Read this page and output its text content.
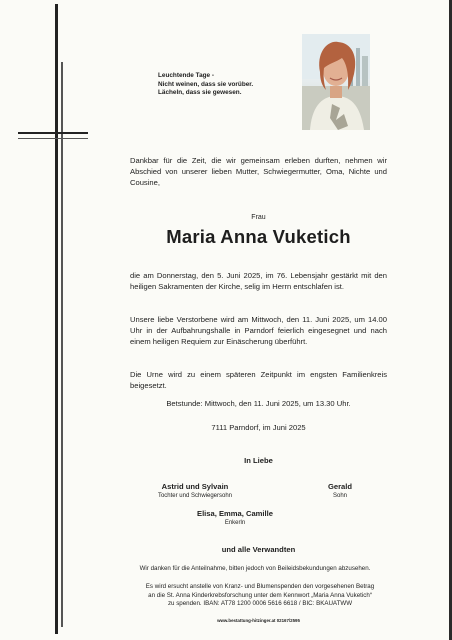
Leuchtende Tage -
Nicht weinen, dass sie vorüber.
Lächeln, dass sie gewesen.
Dankbar für die Zeit, die wir gemeinsam erleben durften, nehmen wir Abschied von unserer lieben Mutter, Schwiegermutter, Oma, Nichte und Cousine,
Frau
Maria Anna Vuketich
die am Donnerstag, den 5. Juni 2025, im 76. Lebensjahr gestärkt mit den heiligen Sakramenten der Kirche, selig im Herrn entschlafen ist.
Unsere liebe Verstorbene wird am Mittwoch, den 11. Juni 2025, um 14.00 Uhr in der Aufbahrungshalle in Parndorf feierlich eingesegnet und nach einem heiligen Requiem zur Einäscherung überführt.
Die Urne wird zu einem späteren Zeitpunkt im engsten Familienkreis beigesetzt.
Betstunde: Mittwoch, den 11. Juni 2025, um 13.30 Uhr.
7111 Parndorf, im Juni 2025
In Liebe
Astrid und Sylvain
Tochter und Schwiegersohn
Gerald
Sohn
Elisa, Emma, Camille
Enkerln
und alle Verwandten
Wir danken für die Anteilnahme, bitten jedoch von Beileidsbekundungen abzusehen.
Es wird ersucht anstelle von Kranz- und Blumenspenden den vorgesehenen Betrag
an die St. Anna Kinderkrebsforschung unter dem Kennwort „Maria Anna Vuketich“
zu spenden. IBAN: AT78 1200 0006 5616 6618 / BIC: BKAUATWW
www.bestattung-hitzinger.at 02167/2595
